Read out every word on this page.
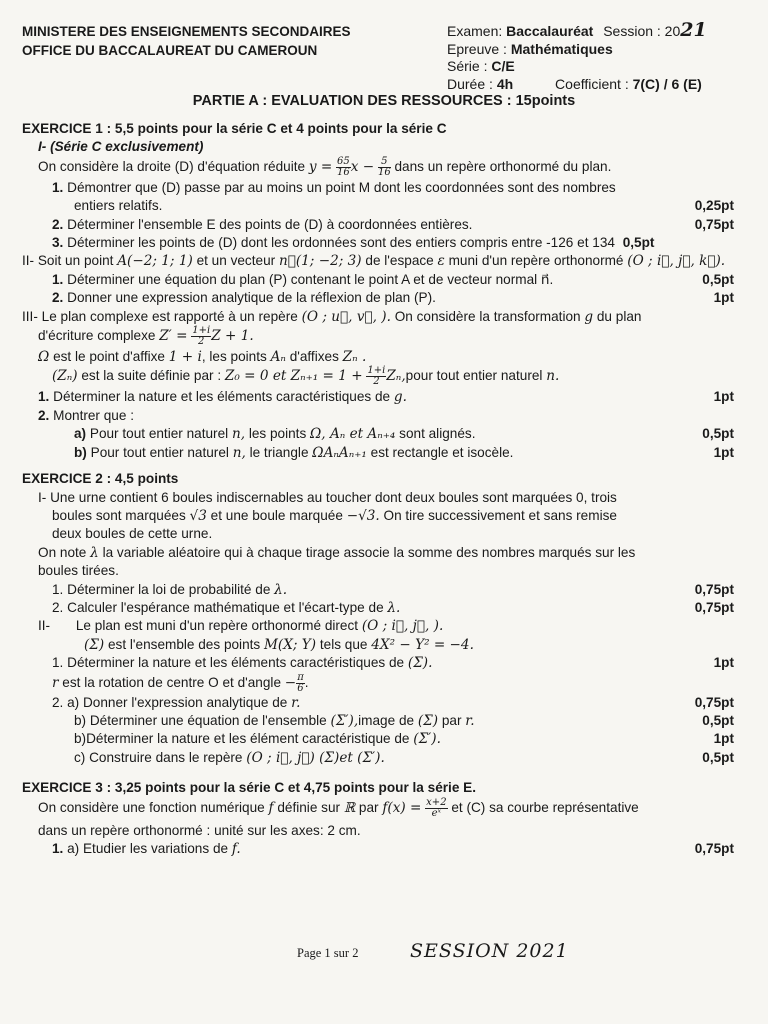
MINISTERE DES ENSEIGNEMENTS SECONDAIRES
OFFICE DU BACCALAUREAT DU CAMEROUN
Examen: Baccalauréat Session : 2021
Epreuve : Mathématiques
Série : C/E
Durée : 4h	Coefficient : 7(C) / 6 (E)
PARTIE A : EVALUATION DES RESSOURCES : 15points
EXERCICE 1 : 5,5 points pour la série C et 4 points pour la série C
I- (Série C exclusivement)
On considère la droite (D) d'équation réduite $y = \frac{65}{16}$ $x - \frac{5}{16}$ dans un repère orthonormé du plan.
1. Démontrer que (D) passe par au moins un point M dont les coordonnées sont des nombres
entiers relatifs.	0,25pt
2. Déterminer l'ensemble E des points de (D) à coordonnées entières.	0,75pt
3. Déterminer les points de (D) dont les ordonnées sont des entiers compris entre -126 et 134 0,5pt
II- Soit un point A(−2; 1; 1) et un vecteur n⃗(1; −2; 3) de l'espace ε muni d'un repère orthonormé (O ; i⃗, j⃗, k⃗).
1. Déterminer une équation du plan (P) contenant le point A et de vecteur normal n⃗.	0,5pt
2. Donner une expression analytique de la réflexion de plan (P).	1pt
III- Le plan complexe est rapporté à un repère (O ; u⃗, v⃗, ). On considère la transformation g du plan
d'écriture complexe $Z' = \frac{1+i}{2}$ Z + 1.
Ω est le point d'affixe 1 + i, les points Aₙ d'affixes Zₙ .
(Zₙ) est la suite définie par : Z₀ = 0 et $Z_{n+1} = 1 + \frac{1+i}{2}$ Zₙ,pour tout entier naturel n.
1. Déterminer la nature et les éléments caractéristiques de g.	1pt
2. Montrer que :
a) Pour tout entier naturel n, les points Ω, Aₙ et Aₙ₊₄ sont alignés.	0,5pt
b) Pour tout entier naturel n, le triangle ΩAₙAₙ₊₁ est rectangle et isocèle.	1pt
EXERCICE 2 : 4,5 points
I- Une urne contient 6 boules indiscernables au toucher dont deux boules sont marquées 0, trois
boules sont marquées √3 et une boule marquée −√3. On tire successivement et sans remise
deux boules de cette urne.
On note λ la variable aléatoire qui à chaque tirage associe la somme des nombres marqués sur les
boules tirées.
1. Déterminer la loi de probabilité de λ.	0,75pt
2. Calculer l'espérance mathématique et l'écart-type de λ.	0,75pt
II- Le plan est muni d'un repère orthonormé direct (O ; i⃗, j⃗, ).
(Σ) est l'ensemble des points M(X; Y) tels que 4X² − Y² = −4.
1. Déterminer la nature et les éléments caractéristiques de (Σ).	1pt
r est la rotation de centre O et d'angle − $\frac{\pi}{6}$ .
2. a) Donner l'expression analytique de r.	0,75pt
b) Déterminer une équation de l'ensemble (Σ′),image de (Σ) par r.	0,5pt
b)Déterminer la nature et les élément caractéristique de (Σ′).	1pt
c) Construire dans le repère (O ; i⃗, j⃗) (Σ)et (Σ′).	0,5pt
EXERCICE 3 : 3,25 points pour la série C et 4,75 points pour la série E.
On considère une fonction numérique f définie sur ℝ par $f(x) = \frac{x+2}{\text{eˣ}}$ et (C) sa courbe représentative
dans un repère orthonormé : unité sur les axes: 2 cm.
1. a) Etudier les variations de f.	0,75pt
Page 1 sur 2	SESSION 2021
